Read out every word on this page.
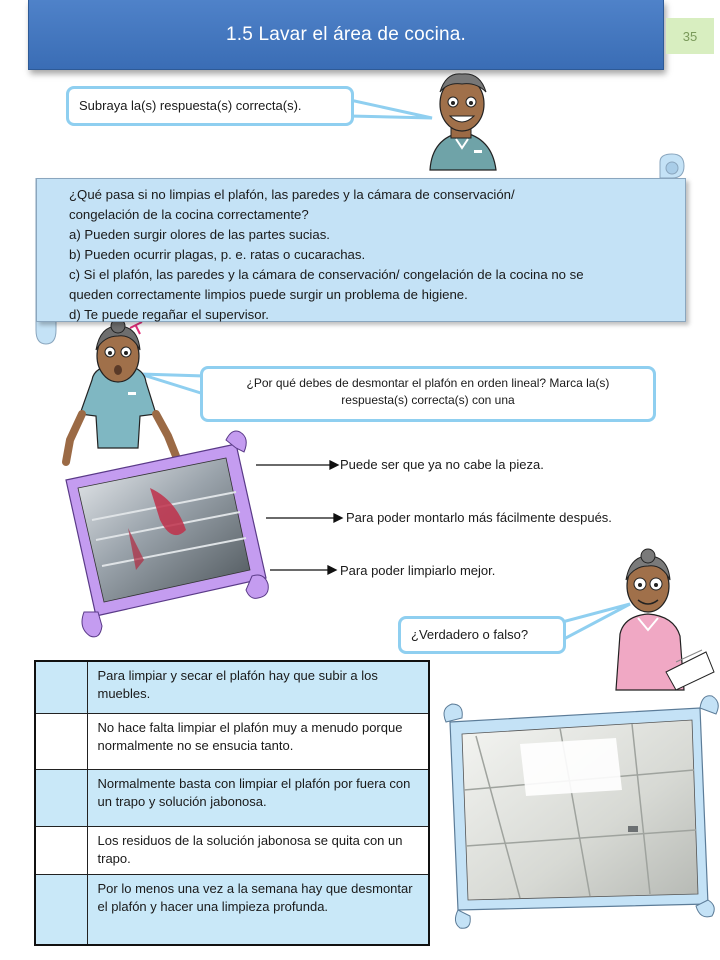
1.5 Lavar el área de cocina.	35
Subraya la(s) respuesta(s) correcta(s).

¿Qué pasa si no limpias el plafón, las paredes y la cámara de conservación/

congelación de la cocina correctamente?

a) Pueden surgir olores de las partes sucias.

b) Pueden ocurrir plagas, p. e. ratas o cucarachas.

c) Si el plafón, las paredes y la cámara de conservación/ congelación de la cocina no se

queden correctamente limpios puede surgir un problema de higiene.

d) Te puede regañar el supervisor.

¿Por qué debes de desmontar el plafón en orden lineal? Marca la(s)
respuesta(s) correcta(s) con una
Puede ser que ya no cabe la pieza.
Para poder montarlo más fácilmente después.
Para poder limpiarlo mejor.
¿Verdadero o falso?
	Para limpiar y secar el plafón hay que subir a los muebles.
	No hace falta limpiar el plafón muy a menudo porque normalmente no se ensucia tanto.
	Normalmente basta con limpiar el plafón por fuera con un trapo y solución jabonosa.
	Los residuos de la solución jabonosa se quita con un trapo.
	Por lo menos una vez a la semana hay que desmontar el plafón y hacer una limpieza profunda.
